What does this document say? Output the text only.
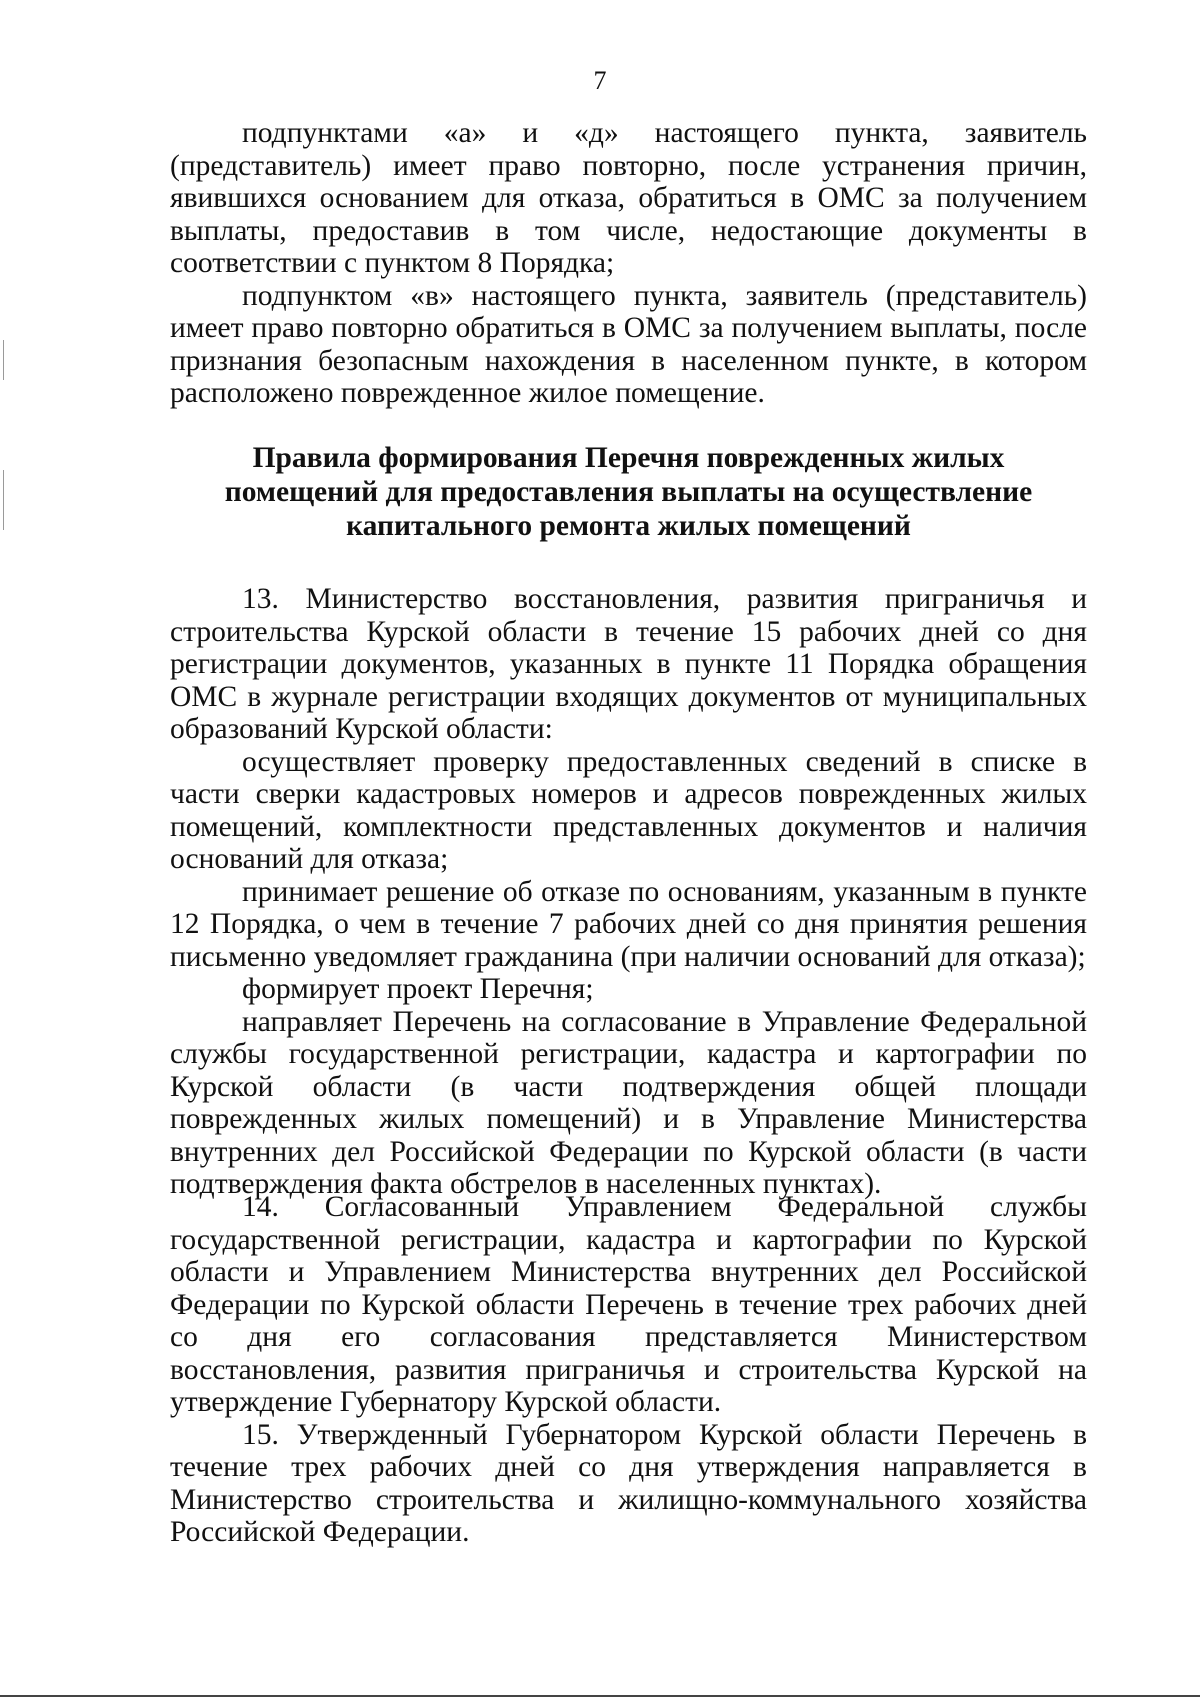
7

подпунктами «а» и «д» настоящего пункта, заявитель (представитель) имеет право повторно, после устранения причин, явившихся основанием для отказа, обратиться в ОМС за получением выплаты, предоставив в том числе, недостающие документы в соответствии с пунктом 8 Порядка;

подпунктом «в» настоящего пункта, заявитель (представитель) имеет право повторно обратиться в ОМС за получением выплаты, после признания безопасным нахождения в населенном пункте, в котором расположено поврежденное жилое помещение.

Правила формирования Перечня поврежденных жилых
помещений для предоставления выплаты на осуществление
капитального ремонта жилых помещений

13. Министерство восстановления, развития приграничья и строительства Курской области в течение 15 рабочих дней со дня регистрации документов, указанных в пункте 11 Порядка обращения ОМС в журнале регистрации входящих документов от муниципальных образований Курской области:

осуществляет проверку предоставленных сведений в списке в части сверки кадастровых номеров и адресов поврежденных жилых помещений, комплектности представленных документов и наличия оснований для отказа;

принимает решение об отказе по основаниям, указанным в пункте 12 Порядка, о чем в течение 7 рабочих дней со дня принятия решения письменно уведомляет гражданина (при наличии оснований для отказа);

формирует проект Перечня;

направляет Перечень на согласование в Управление Федеральной службы государственной регистрации, кадастра и картографии по Курской области (в части подтверждения общей площади поврежденных жилых помещений) и в Управление Министерства внутренних дел Российской Федерации по Курской области (в части подтверждения факта обстрелов в населенных пунктах).

14. Согласованный Управлением Федеральной службы государственной регистрации, кадастра и картографии по Курской области и Управлением Министерства внутренних дел Российской Федерации по Курской области Перечень в течение трех рабочих дней со дня его согласования представляется Министерством восстановления, развития приграничья и строительства Курской на утверждение Губернатору Курской области.

15. Утвержденный Губернатором Курской области Перечень в течение трех рабочих дней со дня утверждения направляется в Министерство строительства и жилищно-коммунального хозяйства Российской Федерации.
